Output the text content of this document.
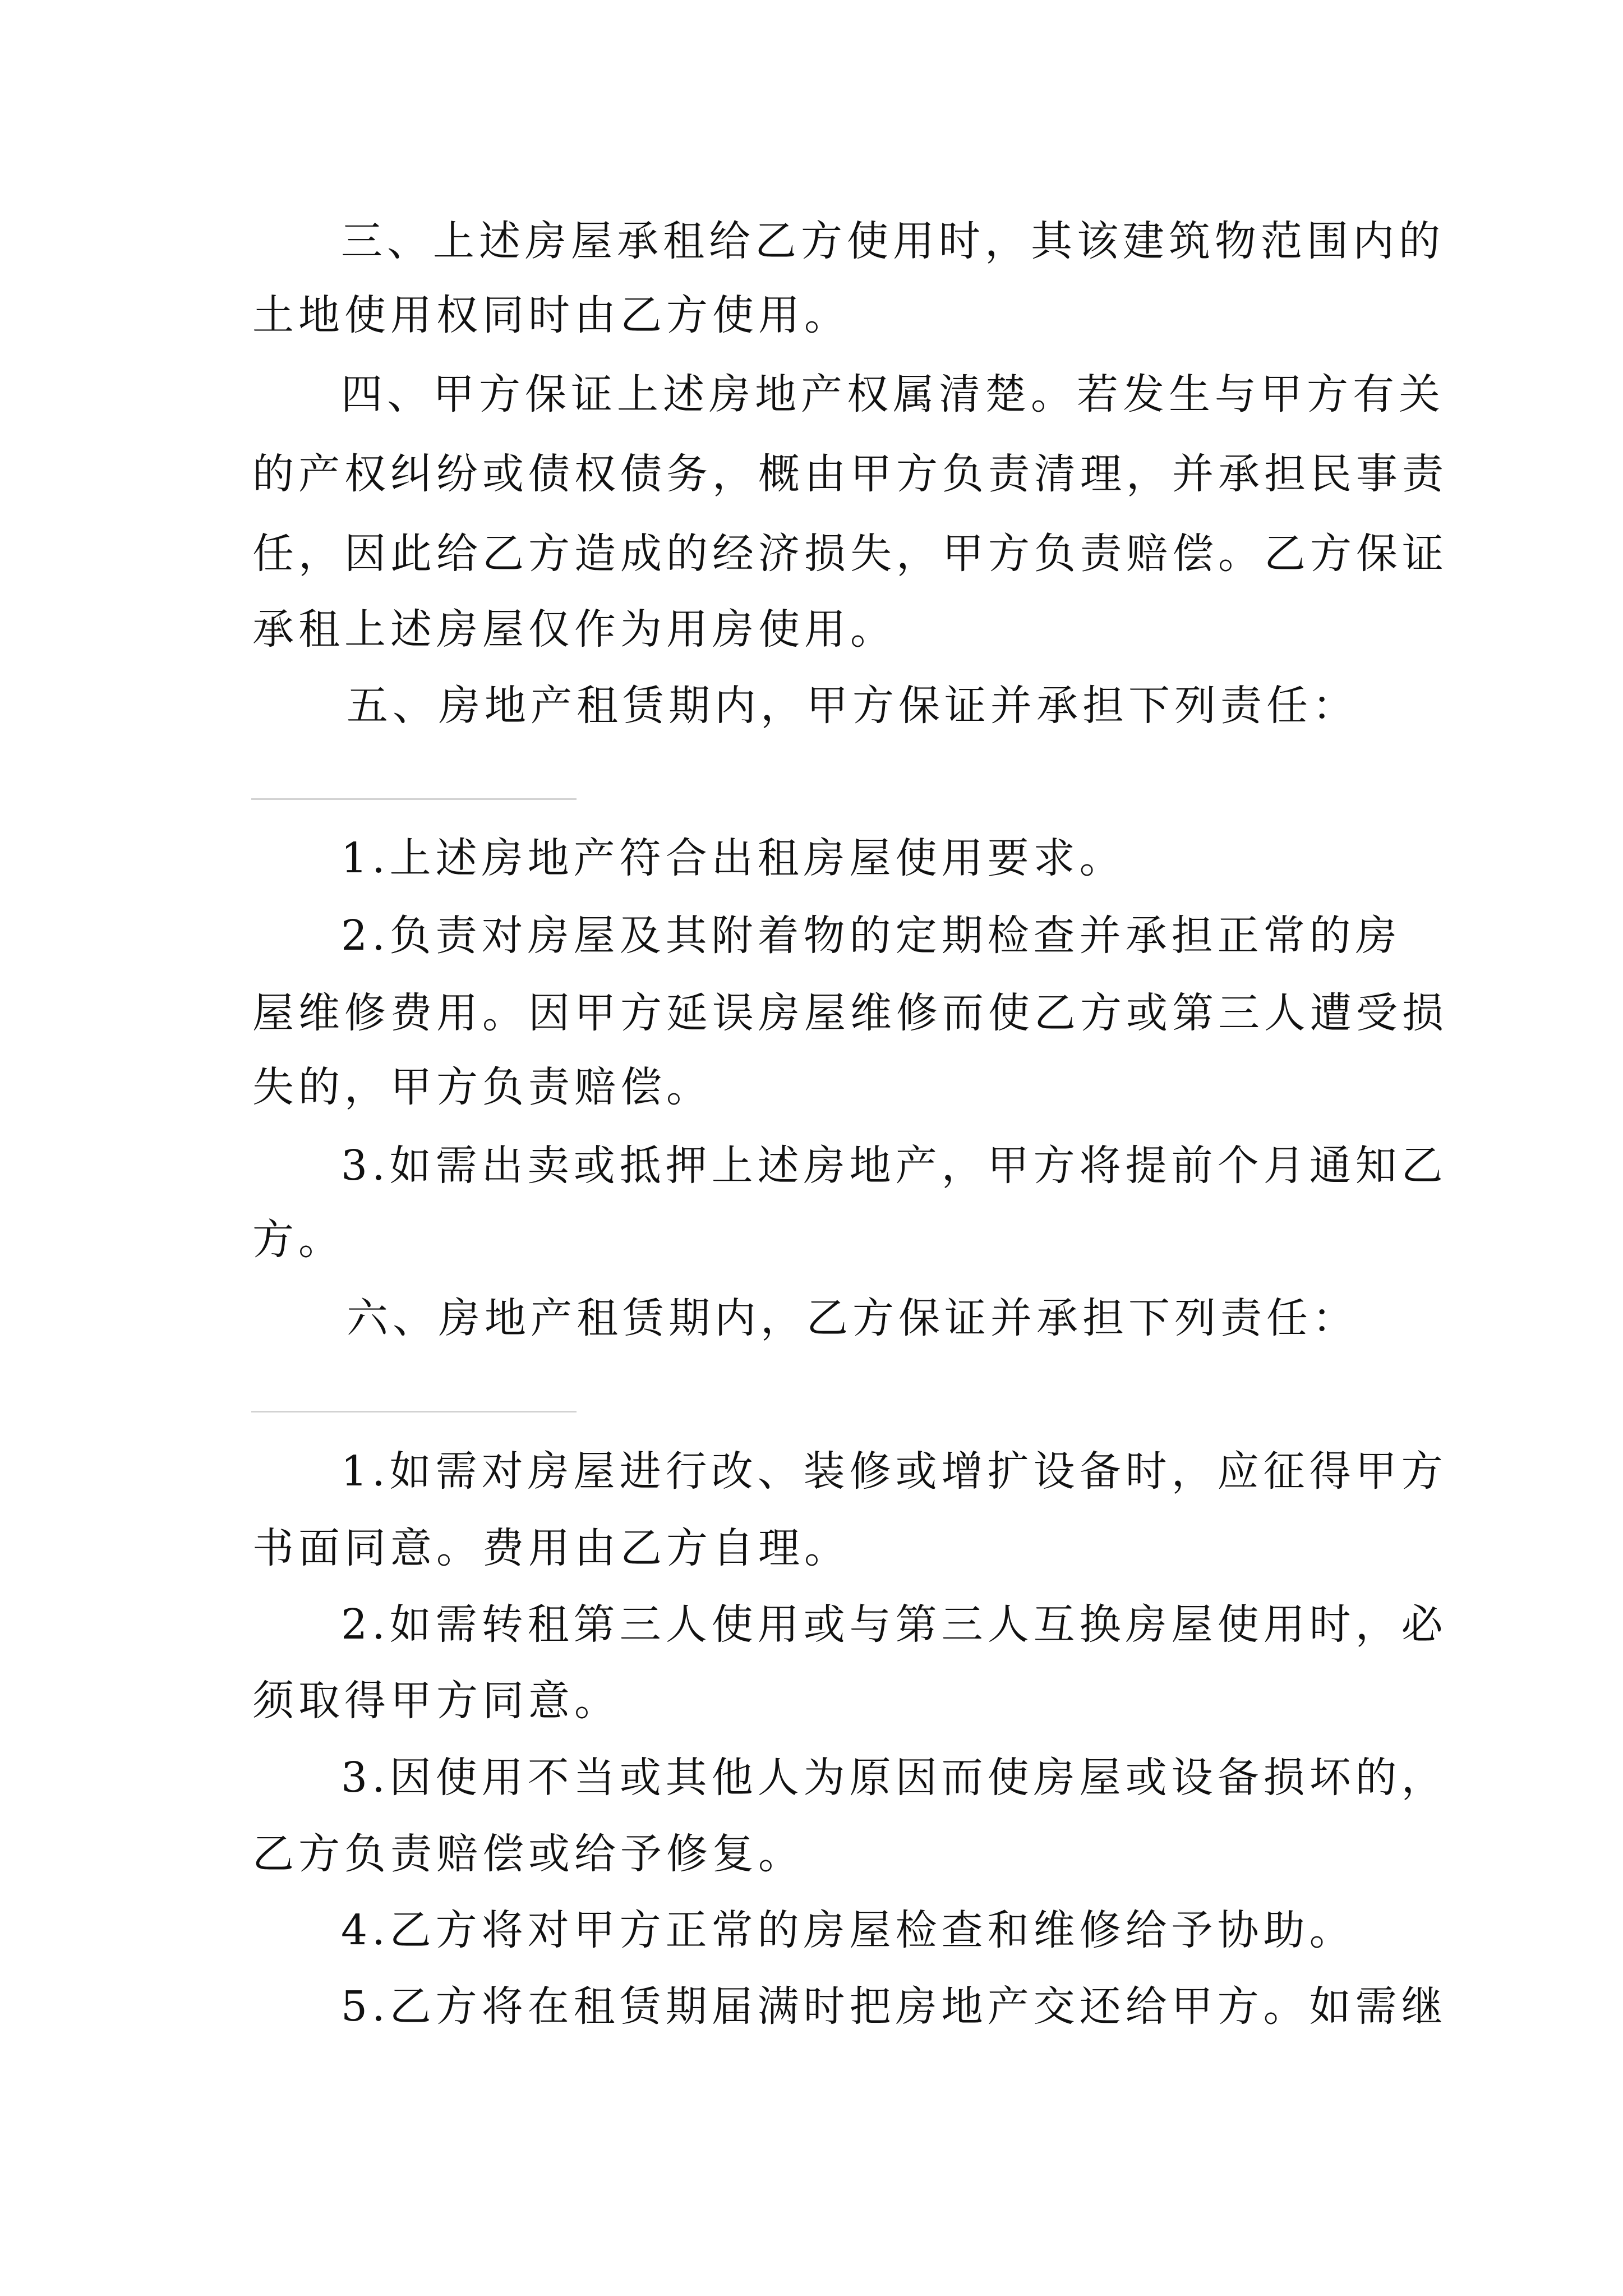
三、上述房屋承租给乙方使用时，其该建筑物范围内的
土地使用权同时由乙方使用。
四、甲方保证上述房地产权属清楚。若发生与甲方有关
的产权纠纷或债权债务，概由甲方负责清理，并承担民事责
任，因此给乙方造成的经济损失，甲方负责赔偿。乙方保证
承租上述房屋仅作为用房使用。
五、房地产租赁期内，甲方保证并承担下列责任：
1.上述房地产符合出租房屋使用要求。
2.负责对房屋及其附着物的定期检查并承担正常的房
屋维修费用。因甲方延误房屋维修而使乙方或第三人遭受损
失的，甲方负责赔偿。
3.如需出卖或抵押上述房地产，甲方将提前个月通知乙
方。
六、房地产租赁期内，乙方保证并承担下列责任：
1.如需对房屋进行改、装修或增扩设备时，应征得甲方
书面同意。费用由乙方自理。
2.如需转租第三人使用或与第三人互换房屋使用时，必
须取得甲方同意。
3.因使用不当或其他人为原因而使房屋或设备损坏的，
乙方负责赔偿或给予修复。
4.乙方将对甲方正常的房屋检查和维修给予协助。
5.乙方将在租赁期届满时把房地产交还给甲方。如需继
